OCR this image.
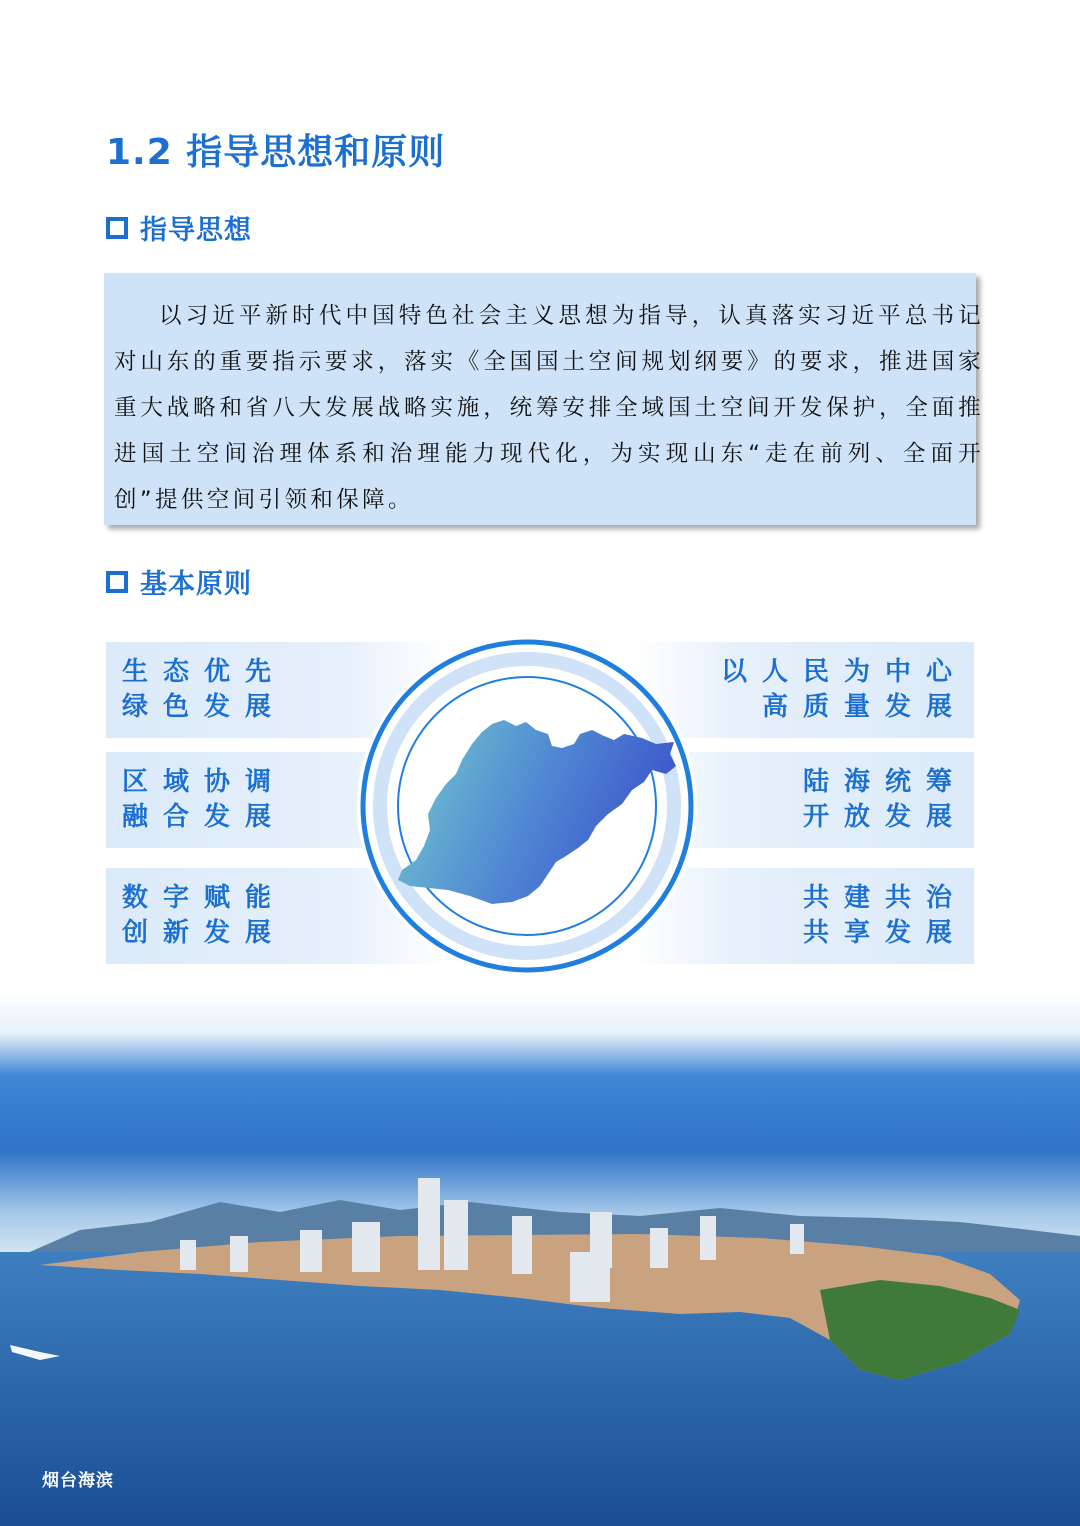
1.2 指导思想和原则
指导思想

以习近平新时代中国特色社会主义思想为指导，认真落实习近平总书记对山东的重要指示要求，落实《全国国土空间规划纲要》的要求，推进国家重大战略和省八大发展战略实施，统筹安排全域国土空间开发保护，全面推进国土空间治理体系和治理能力现代化，为实现山东“走在前列、全面开创”提供空间引领和保障。

基本原则
生态优先
绿色发展
区域协调
融合发展
数字赋能
创新发展
以人民为中心
高质量发展
陆海统筹
开放发展
共建共治
共享发展
烟台海滨
